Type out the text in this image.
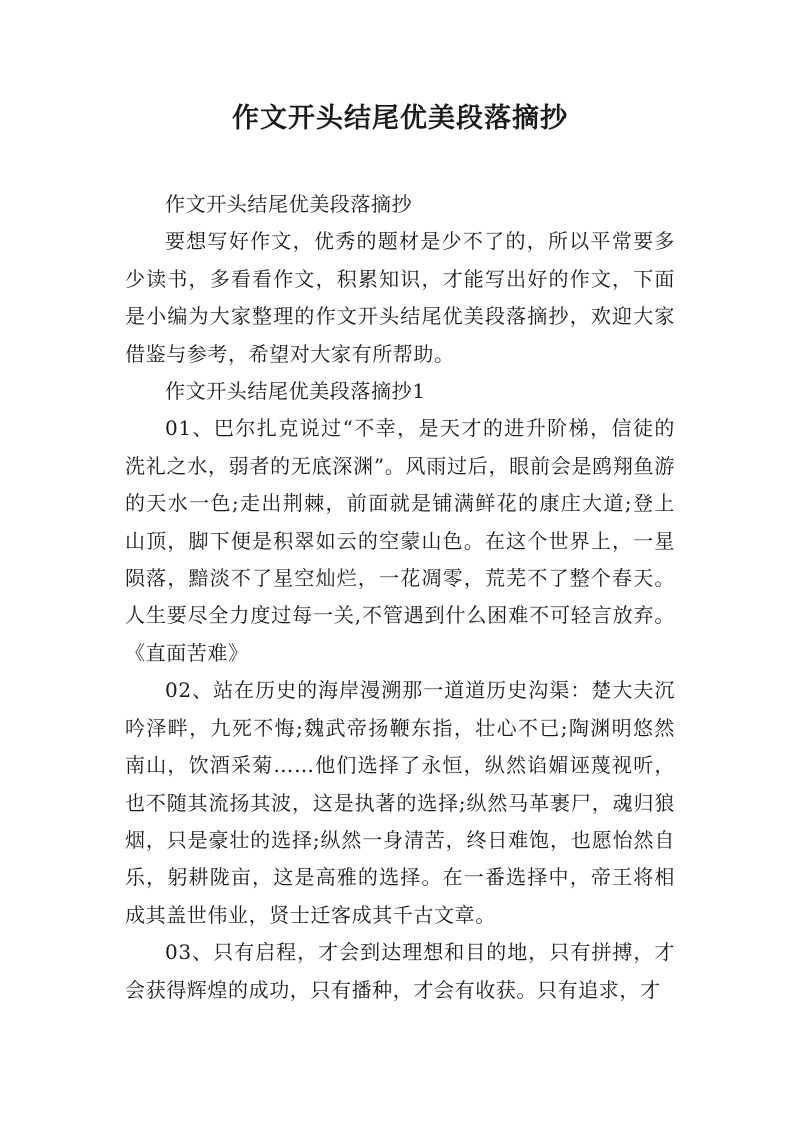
作文开头结尾优美段落摘抄

作文开头结尾优美段落摘抄

要想写好作文，优秀的题材是少不了的，所以平常要多少读书，多看看作文，积累知识，才能写出好的作文，下面是小编为大家整理的作文开头结尾优美段落摘抄，欢迎大家借鉴与参考，希望对大家有所帮助。

作文开头结尾优美段落摘抄1

01、巴尔扎克说过“不幸，是天才的进升阶梯，信徒的洗礼之水，弱者的无底深渊”。风雨过后，眼前会是鸥翔鱼游的天水一色;走出荆棘，前面就是铺满鲜花的康庄大道;登上山顶，脚下便是积翠如云的空蒙山色。在这个世界上，一星陨落，黯淡不了星空灿烂，一花凋零，荒芜不了整个春天。人生要尽全力度过每一关,不管遇到什么困难不可轻言放弃。《直面苦难》

02、站在历史的海岸漫溯那一道道历史沟渠：楚大夫沉吟泽畔，九死不悔;魏武帝扬鞭东指，壮心不已;陶渊明悠然南山，饮酒采菊……他们选择了永恒，纵然谄媚诬蔑视听，也不随其流扬其波，这是执著的选择;纵然马革裹尸，魂归狼烟，只是豪壮的选择;纵然一身清苦，终日难饱，也愿怡然自乐，躬耕陇亩，这是高雅的选择。在一番选择中，帝王将相成其盖世伟业，贤士迁客成其千古文章。

03、只有启程，才会到达理想和目的地，只有拼搏，才会获得辉煌的成功，只有播种，才会有收获。只有追求，才
